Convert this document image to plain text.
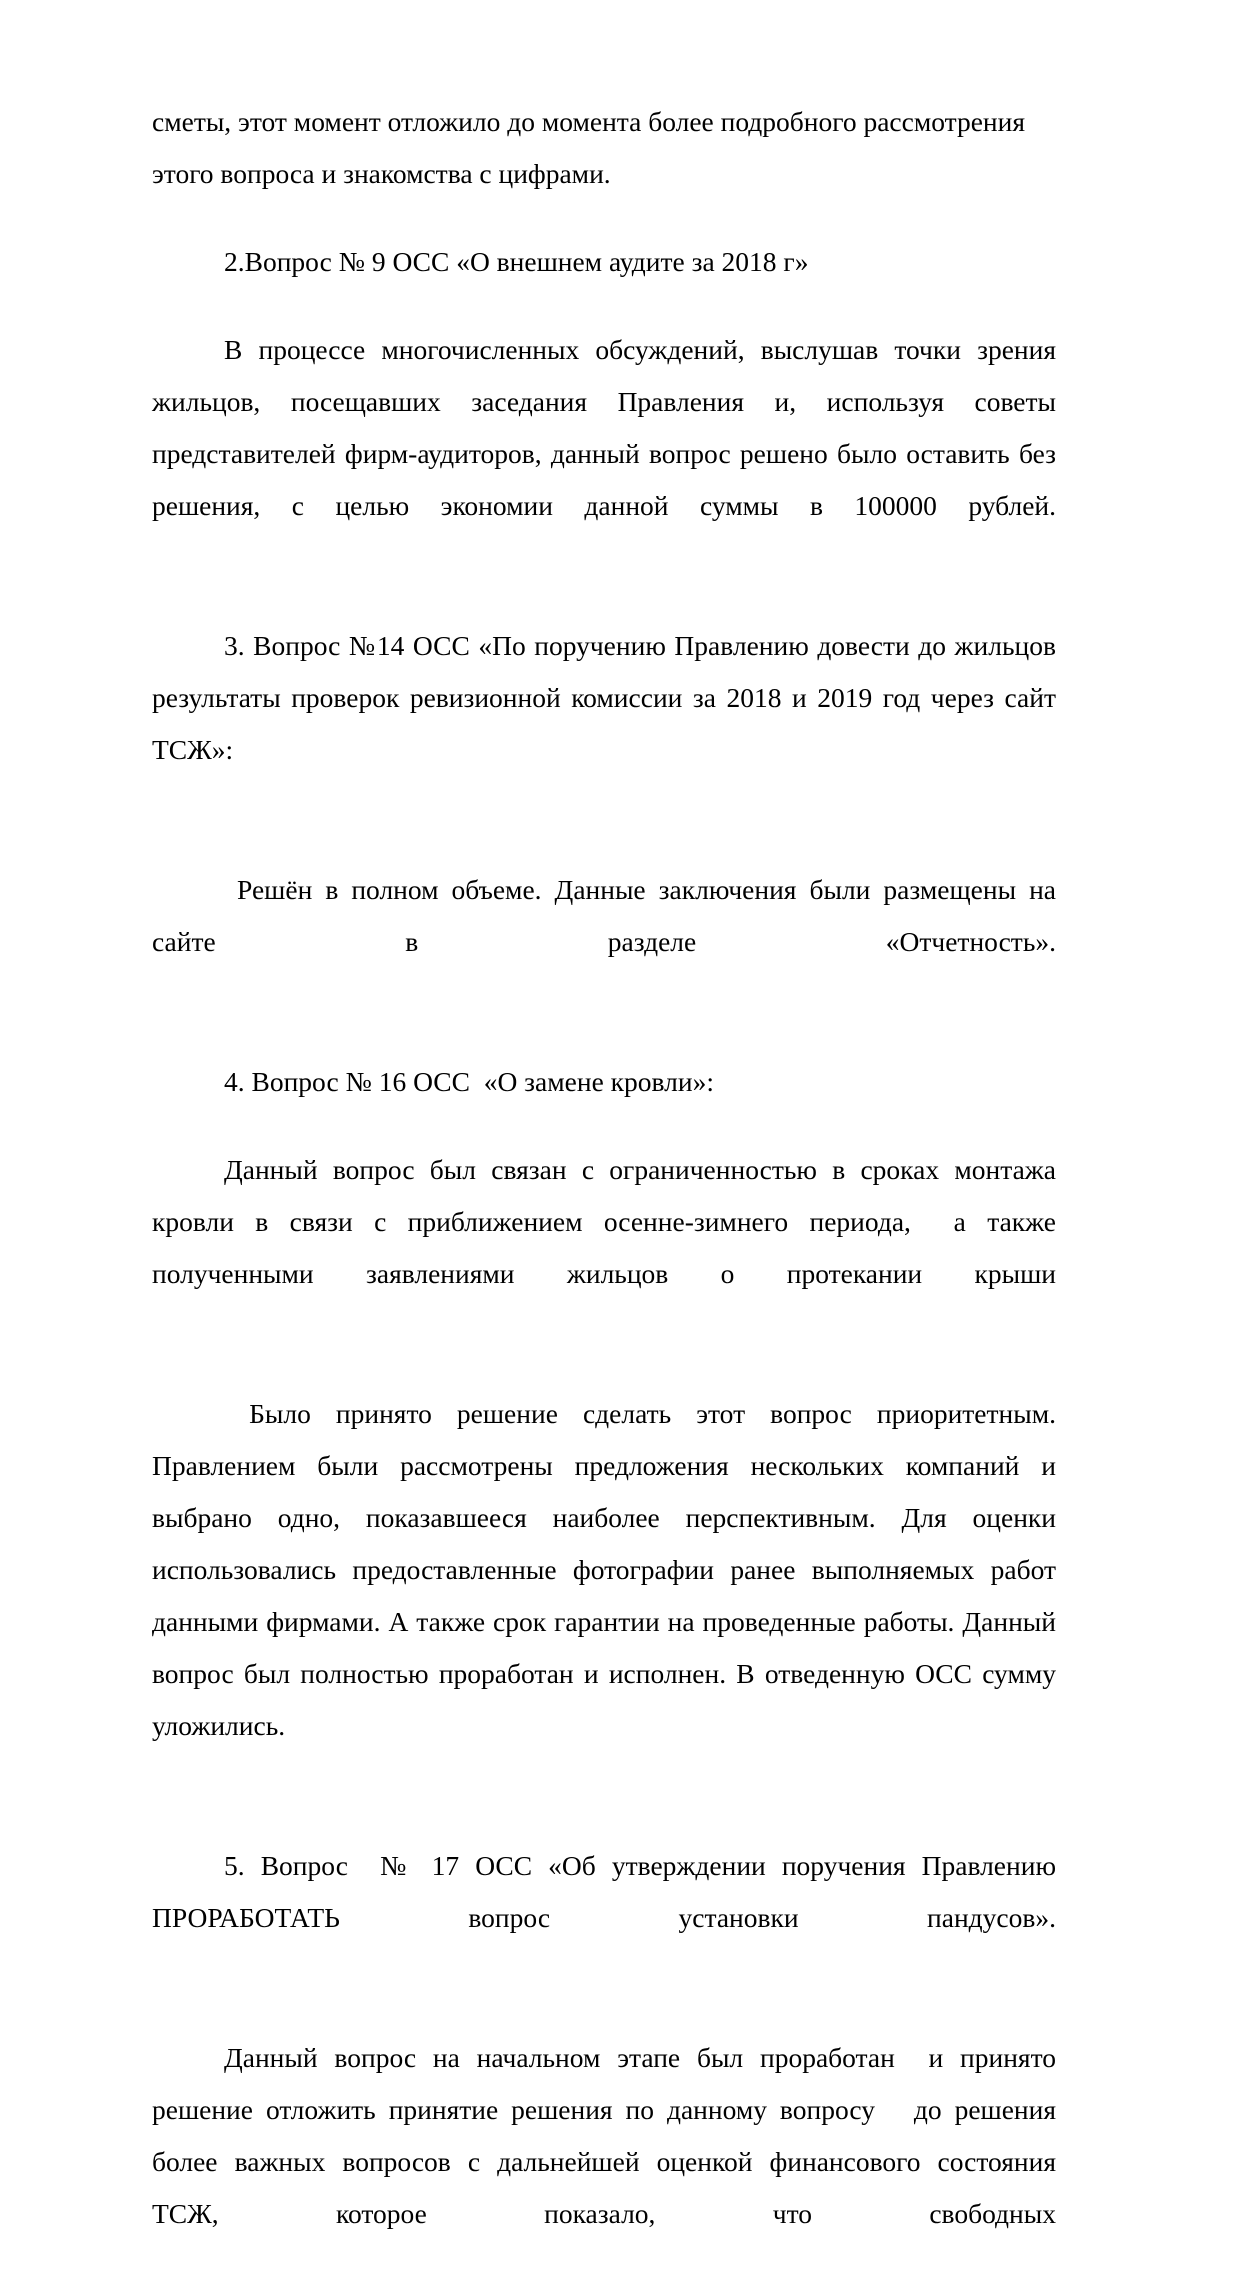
сметы, этот момент отложило до момента более подробного рассмотрения этого вопроса и знакомства с цифрами.

2.Вопрос № 9 ОСС «О внешнем аудите за 2018 г»

В процессе многочисленных обсуждений, выслушав точки зрения жильцов, посещавших заседания Правления и, используя советы представителей фирм-аудиторов, данный вопрос решено было оставить без решения, с целью экономии данной суммы в 100000 рублей.

3. Вопрос №14 ОСС «По поручению Правлению довести до жильцов результаты проверок ревизионной комиссии за 2018 и 2019 год через сайт ТСЖ»:

Решён в полном объеме. Данные заключения были размещены на сайте в разделе «Отчетность».

4. Вопрос № 16 ОСС  «О замене кровли»:

Данный вопрос был связан с ограниченностью в сроках монтажа кровли в связи с приближением осенне-зимнего периода,  а также полученными заявлениями жильцов о протекании крыши

Было принято решение сделать этот вопрос приоритетным. Правлением были рассмотрены предложения нескольких компаний и выбрано одно, показавшееся наиболее перспективным. Для оценки использовались предоставленные фотографии ранее выполняемых работ данными фирмами. А также срок гарантии на проведенные работы. Данный вопрос был полностью проработан и исполнен. В отведенную ОСС сумму  уложились.

5. Вопрос  № 17 ОСС «Об утверждении поручения Правлению ПРОРАБОТАТЬ вопрос установки пандусов».

Данный вопрос на начальном этапе был проработан  и принято решение отложить принятие решения по данному вопросу   до решения более важных вопросов с дальнейшей оценкой финансового состояния ТСЖ, которое показало, что свободных
